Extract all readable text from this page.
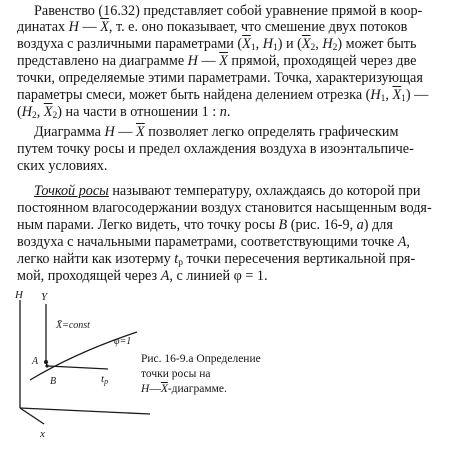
Равенство (16.32) представляет собой уравнение прямой в коор-
динатах H — $\overline{X}$, т. е. оно показывает, что смешение двух потоков
воздуха с различными параметрами ($\overline{X}_1$, $H_1$) и ($\overline{X}_2$, $H_2$) может быть
представлено на диаграмме H — $\overline{X}$ прямой, проходящей через две
точки, определяемые этими параметрами. Точка, характеризующая
параметры смеси, может быть найдена делением отрезка ($H_1$, $\overline{X}_1$) —
($H_2$, $\overline{X}_2$) на части в отношении 1 : n.
Диаграмма H — $\overline{X}$ позволяет легко определять графическим
путем точку росы и предел охлаждения воздуха в изоэнтальпиче-
ских условиях.
Точкой росы называют температуру, охлаждаясь до которой при
постоянном влагосодержании воздух становится насыщенным водя-
ным парами. Легко видеть, что точку росы B (рис. 16-9, a) для
воздуха с начальными параметрами, соответствующими точке A,
легко найти как изотерму $t_р$ точки пересечения вертикальной пря-
мой, проходящей через A, с линией φ = 1.
H Y
X̄=const
φ=1
A
B	tp
x
Рис. 16-9.a Определение
точки росы на
$H—\overline{X}$-диаграмме.
